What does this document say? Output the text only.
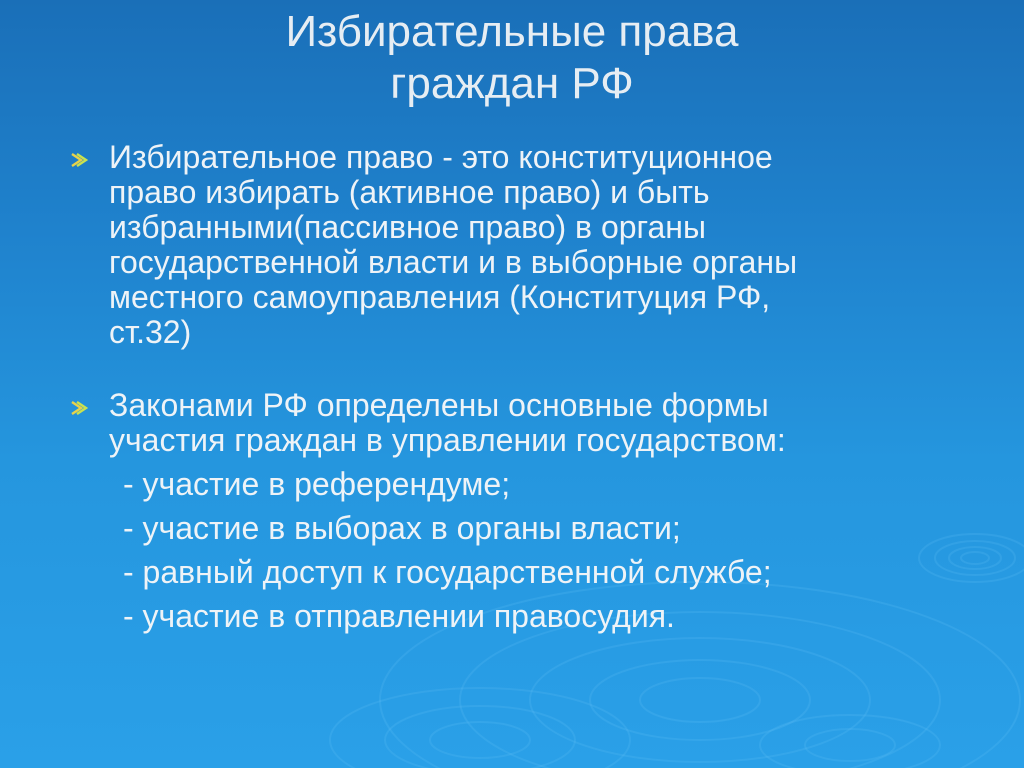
Избирательные права
граждан РФ
Избирательное право - это конституционное
право избирать (активное право) и быть
избранными(пассивное право) в органы
государственной власти и в выборные органы
местного самоуправления (Конституция РФ,
ст.32)
Законами РФ определены основные формы
участия граждан в управлении государством:
- участие в референдуме;
- участие в выборах в органы власти;
- равный доступ к государственной службе;
- участие в отправлении правосудия.
